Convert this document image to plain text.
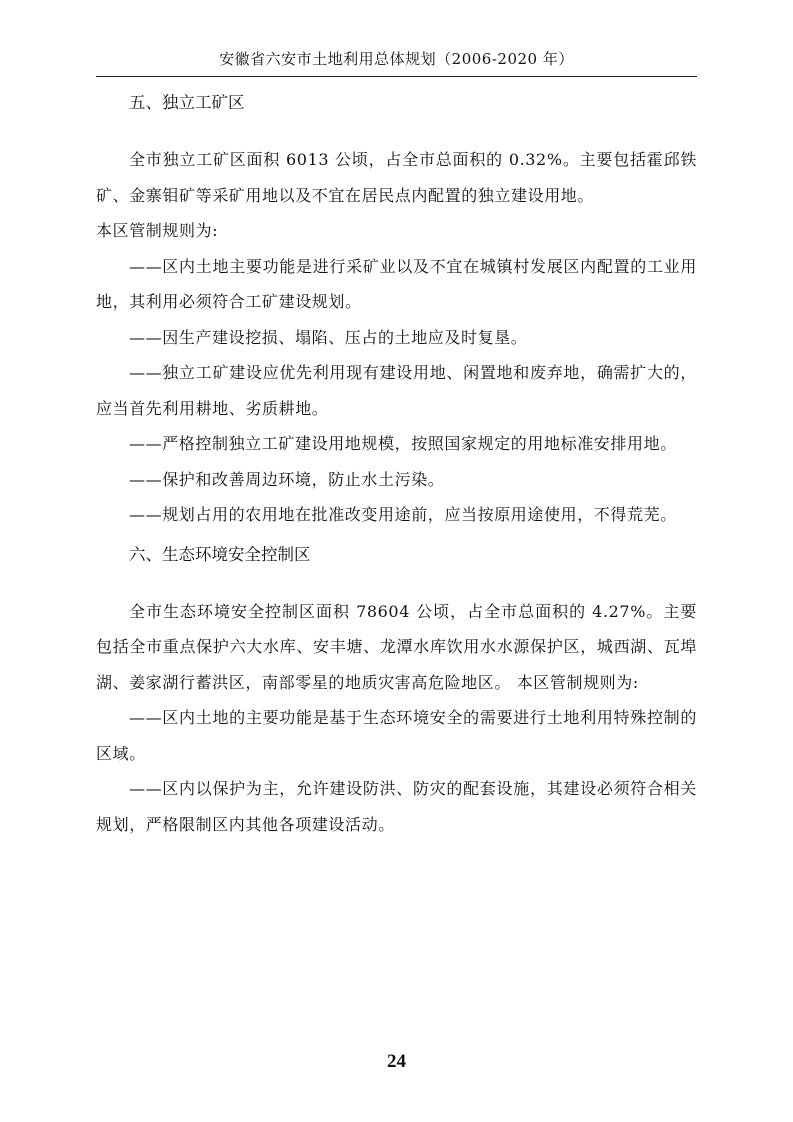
安徽省六安市土地利用总体规划（2006-2020 年）
五、独立工矿区

全市独立工矿区面积 6013 公顷，占全市总面积的 0.32%。主要包括霍邱铁矿、金寨钼矿等采矿用地以及不宜在居民点内配置的独立建设用地。

本区管制规则为:

——区内土地主要功能是进行采矿业以及不宜在城镇村发展区内配置的工业用地，其利用必须符合工矿建设规划。

——因生产建设挖损、塌陷、压占的土地应及时复垦。

——独立工矿建设应优先利用现有建设用地、闲置地和废弃地，确需扩大的，应当首先利用耕地、劣质耕地。

——严格控制独立工矿建设用地规模，按照国家规定的用地标准安排用地。

——保护和改善周边环境，防止水土污染。

——规划占用的农用地在批准改变用途前，应当按原用途使用，不得荒芜。

六、生态环境安全控制区

全市生态环境安全控制区面积 78604 公顷，占全市总面积的 4.27%。主要包括全市重点保护六大水库、安丰塘、龙潭水库饮用水水源保护区，城西湖、瓦埠湖、姜家湖行蓄洪区，南部零星的地质灾害高危险地区。 本区管制规则为:

——区内土地的主要功能是基于生态环境安全的需要进行土地利用特殊控制的区域。

——区内以保护为主，允许建设防洪、防灾的配套设施，其建设必须符合相关规划，严格限制区内其他各项建设活动。

24
